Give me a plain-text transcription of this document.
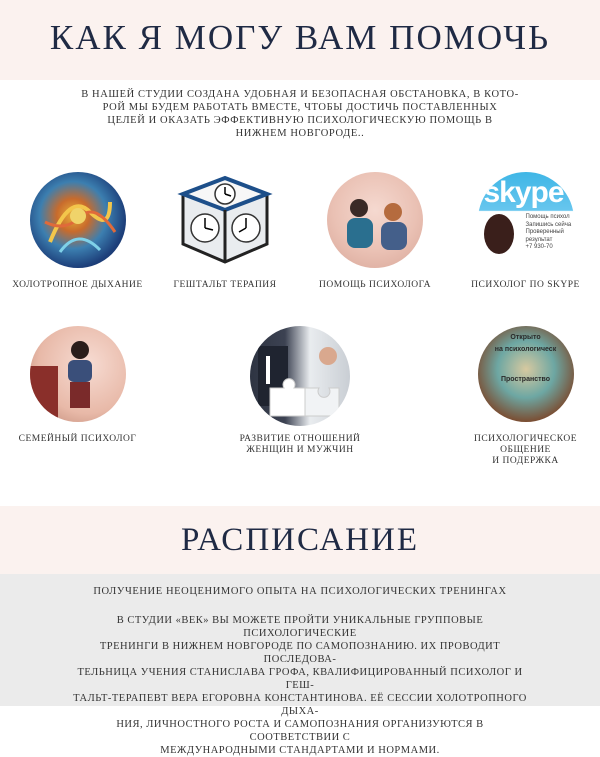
КАК Я МОГУ ВАМ ПОМОЧЬ
В НАШЕЙ СТУДИИ СОЗДАНА УДОБНАЯ И БЕЗОПАСНАЯ ОБСТАНОВКА, В КОТО-
РОЙ МЫ БУДЕМ РАБОТАТЬ ВМЕСТЕ, ЧТОБЫ ДОСТИЧЬ ПОСТАВЛЕННЫХ
ЦЕЛЕЙ И ОКАЗАТЬ ЭФФЕКТИВНУЮ ПСИХОЛОГИЧЕСКУЮ ПОМОЩЬ В
НИЖНЕМ НОВГОРОДЕ..
ХОЛОТРОПНОЕ ДЫХАНИЕ	ГЕШТАЛЬТ ТЕРАПИЯ	ПОМОЩЬ ПСИХОЛОГА
skype
Помощь психол
Запишись сейча
Проверенный
результат
+7 930-70
ПСИХОЛОГ ПО SKYPE
СЕМЕЙНЫЙ ПСИХОЛОГ	РАЗВИТИЕ ОТНОШЕНИЙ
ЖЕНЩИН И МУЖЧИН
Открыто
на психологическ
Пространство
ПСИХОЛОГИЧЕСКОЕ
ОБЩЕНИЕ
И ПОДЕРЖКА
РАСПИСАНИЕ
ПОЛУЧЕНИЕ НЕОЦЕНИМОГО ОПЫТА НА ПСИХОЛОГИЧЕСКИХ ТРЕНИНГАХ
В СТУДИИ «ВЕК» ВЫ МОЖЕТЕ ПРОЙТИ УНИКАЛЬНЫЕ ГРУППОВЫЕ ПСИХОЛОГИЧЕСКИЕ
ТРЕНИНГИ В НИЖНЕМ НОВГОРОДЕ ПО САМОПОЗНАНИЮ. ИХ ПРОВОДИТ ПОСЛЕДОВА-
ТЕЛЬНИЦА УЧЕНИЯ СТАНИСЛАВА ГРОФА, КВАЛИФИЦИРОВАННЫЙ ПСИХОЛОГ И ГЕШ-
ТАЛЬТ-ТЕРАПЕВТ ВЕРА ЕГОРОВНА КОНСТАНТИНОВА. ЕЁ СЕССИИ ХОЛОТРОПНОГО ДЫХА-
НИЯ, ЛИЧНОСТНОГО РОСТА И САМОПОЗНАНИЯ ОРГАНИЗУЮТСЯ В СООТВЕТСТВИИ С
МЕЖДУНАРОДНЫМИ СТАНДАРТАМИ И НОРМАМИ.
